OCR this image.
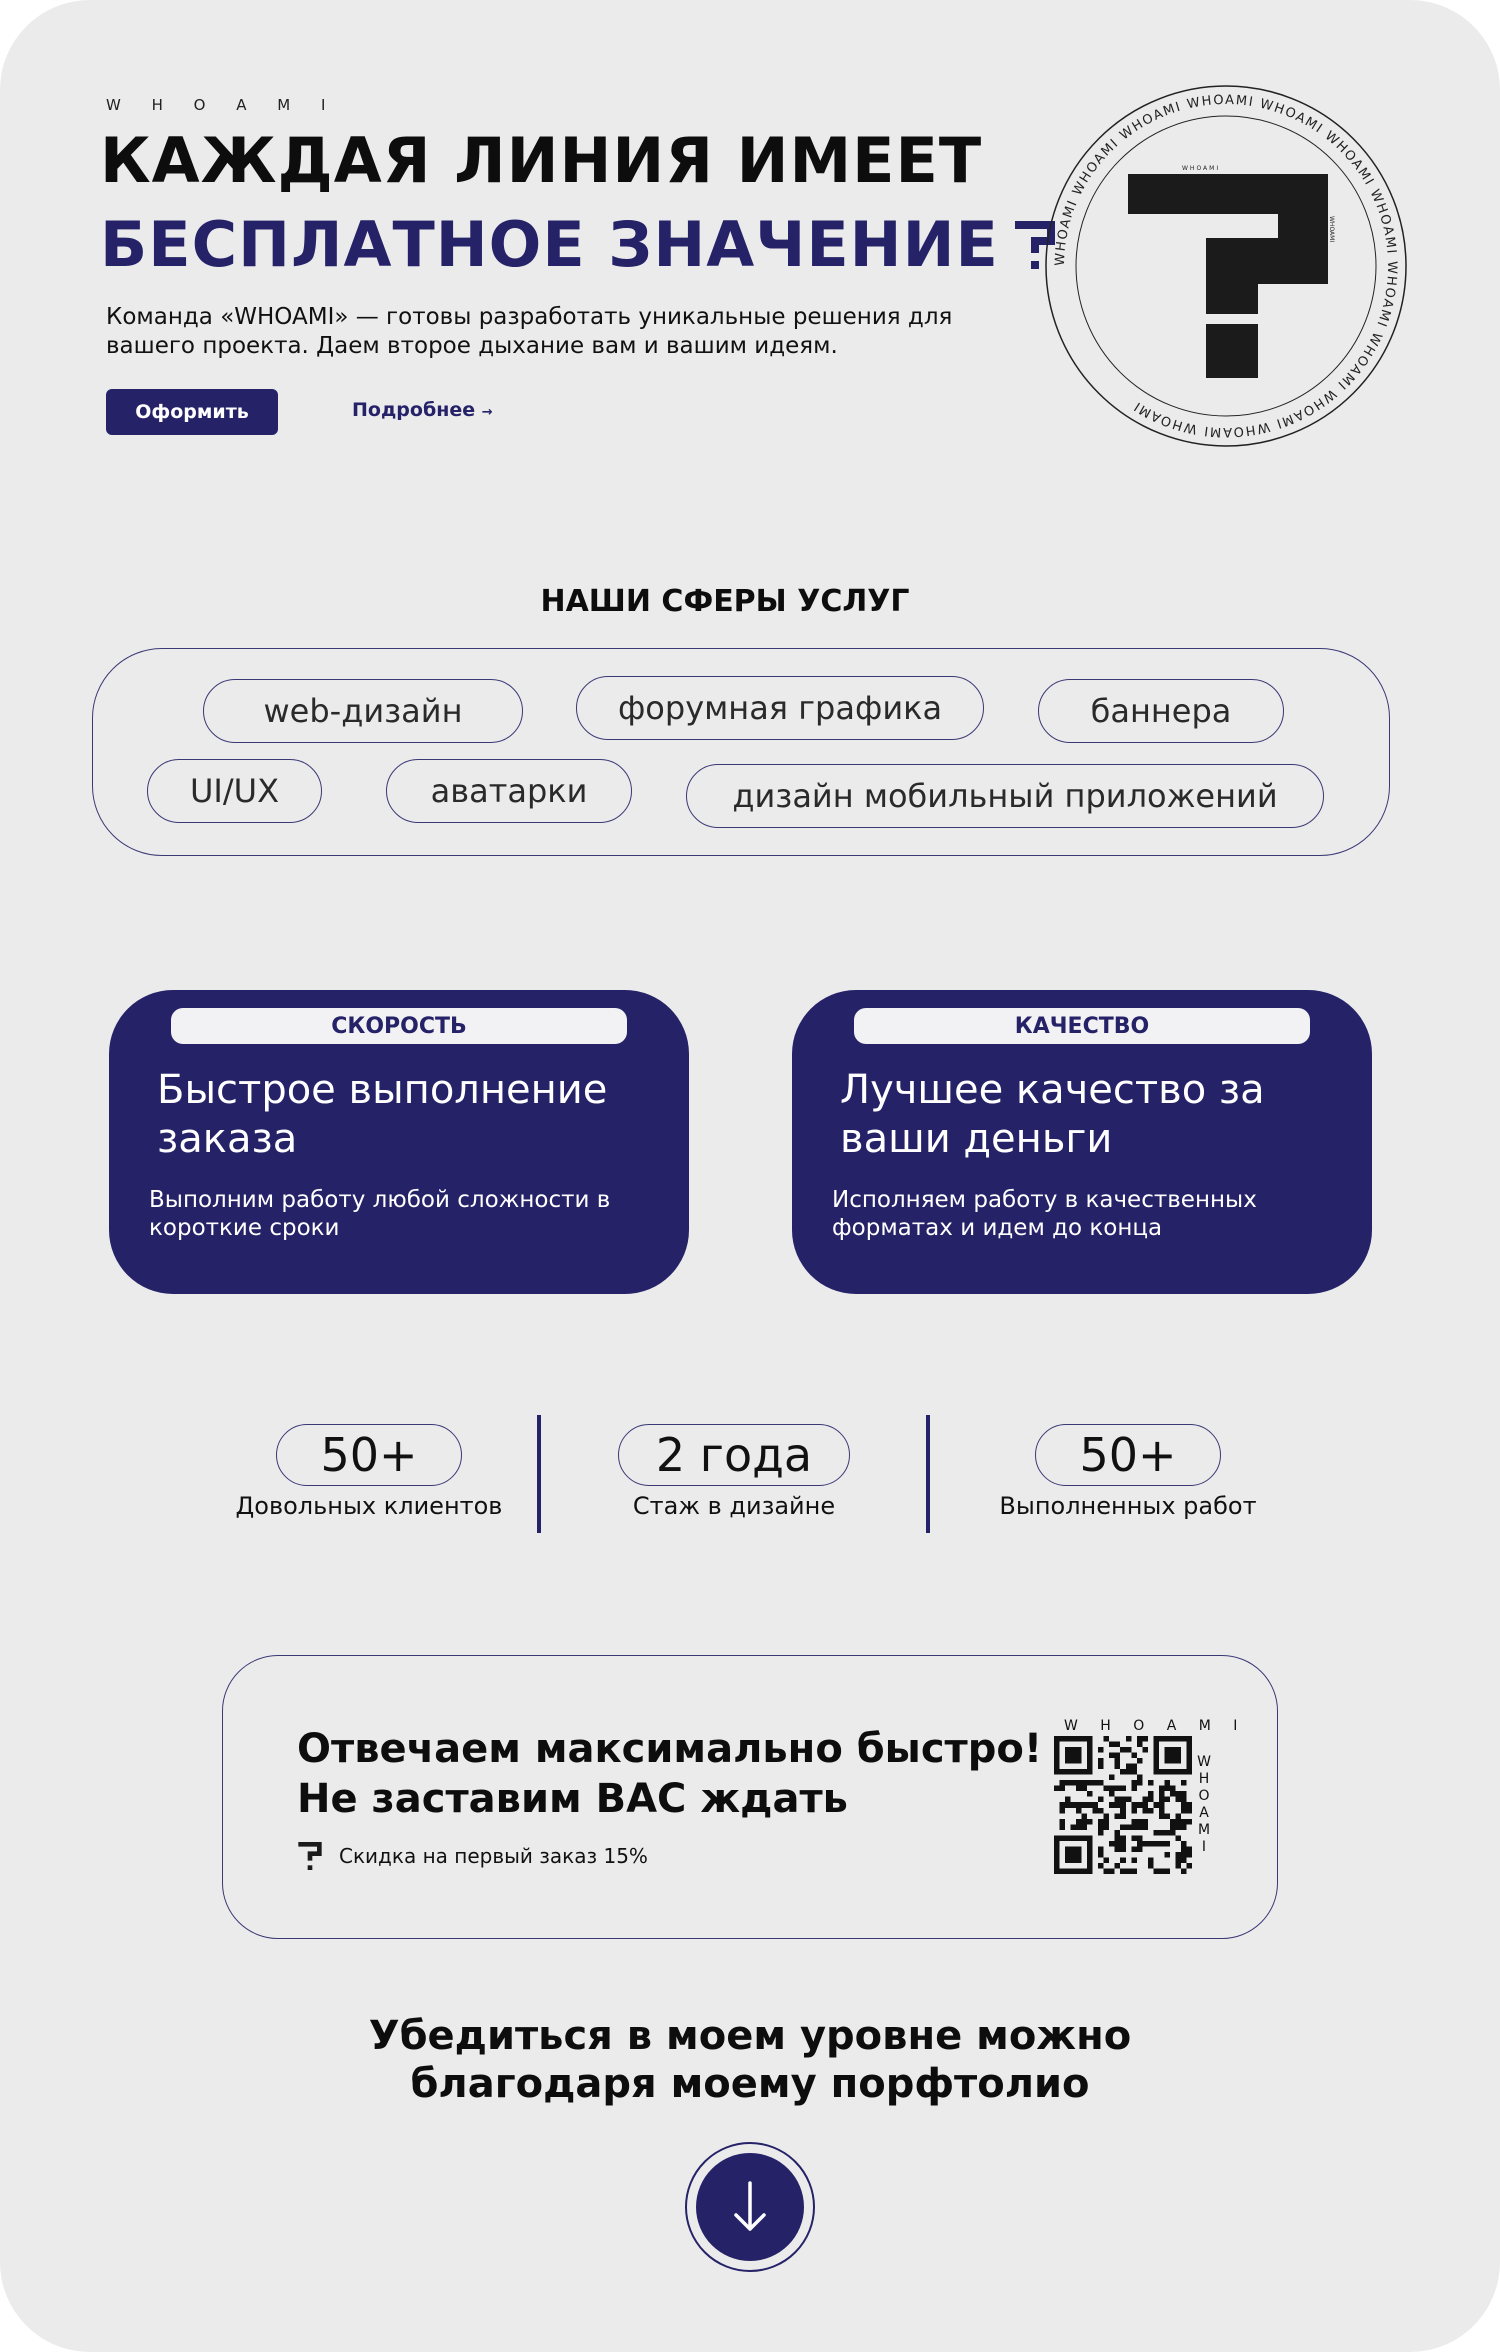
W H O A M I
КАЖДАЯ ЛИНИЯ ИМЕЕТ
БЕСПЛАТНОЕ ЗНАЧЕНИЕ
Команда «WHOAMI» — готовы разработать уникальные решения для вашего проекта. Даем второе дыхание вам и вашим идеям.
Оформить	Подробнее →
WHOAMI WHOAMI WHOAMI WHOAMI WHOAMI WHOAMI WHOAMI WHOAMI WHOAMI WHOAMI WHOAMI WHOAMI
WHOAMI
WHOAMI
НАШИ СФЕРЫ УСЛУГ
web-дизайн	форумная графика	баннера
UI/UX	аватарки	дизайн мобильный приложений
СКОРОСТЬ
Быстрое выполнение заказа
Выполним работу любой сложности в короткие сроки
КАЧЕСТВО
Лучшее качество за ваши деньги
Исполняем работу в качественных форматах и идем до конца
50+
Довольных клиентов
2 года
Стаж в дизайне
50+
Выполненных работ
Отвечаем максимально быстро!
Не заставим ВАС ждать
Скидка на первый заказ 15%
W H O A M I
W
H
O
A
M
I
Убедиться в моем уровне можно
благодаря моему порфтолио
